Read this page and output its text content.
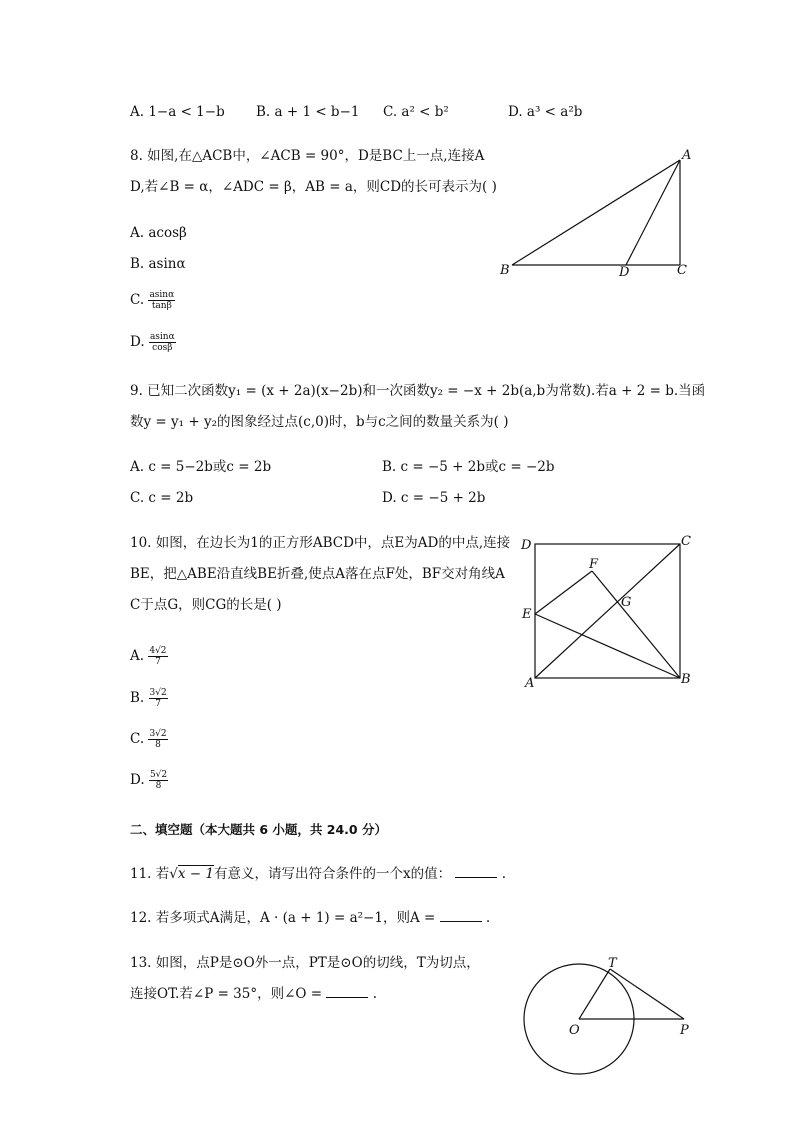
A. 1−a < 1−b B. a + 1 < b−1 C. a² < b²	D. a³ < a²b
8. 如图,在△ACB中，∠ACB = 90°，D是BC上一点,连接A
D,若∠B = α，∠ADC = β，AB = a，则CD的长可表示为( )
A. acosβ
B. asinα
C. $\frac{asin\alpha}{\tan\beta}$
D. $\frac{asin\alpha}{\cos\beta}$
A
B	C
D
9. 已知二次函数y₁ = (x + 2a)(x−2b)和一次函数y₂ = −x + 2b(a,b为常数).若a + 2 = b.当函
数y = y₁ + y₂的图象经过点(c,0)时，b与c之间的数量关系为( )
A. c = 5−2b或c = 2b	B. c = −5 + 2b或c = −2b
C. c = 2b	D. c = −5 + 2b
10. 如图，在边长为1的正方形ABCD中，点E为AD的中点,连接
BE，把△ABE沿直线BE折叠,使点A落在点F处，BF交对角线A
C于点G，则CG的长是( )
A. $\frac{4√2}{7}$
B. $\frac{3√2}{7}$
C. $\frac{3√2}{8}$
D. $\frac{5√2}{8}$
D	C
F
G
E
A	B
二、填空题（本大题共 6 小题，共 24.0 分）
11. 若√x − 1有意义，请写出符合条件的一个x的值：	.
12. 若多项式A满足，A · (a + 1) = a²−1，则A =	.
13. 如图，点P是⊙O外一点，PT是⊙O的切线，T为切点，
连接OT.若∠P = 35°，则∠O =	.
O	P
T
